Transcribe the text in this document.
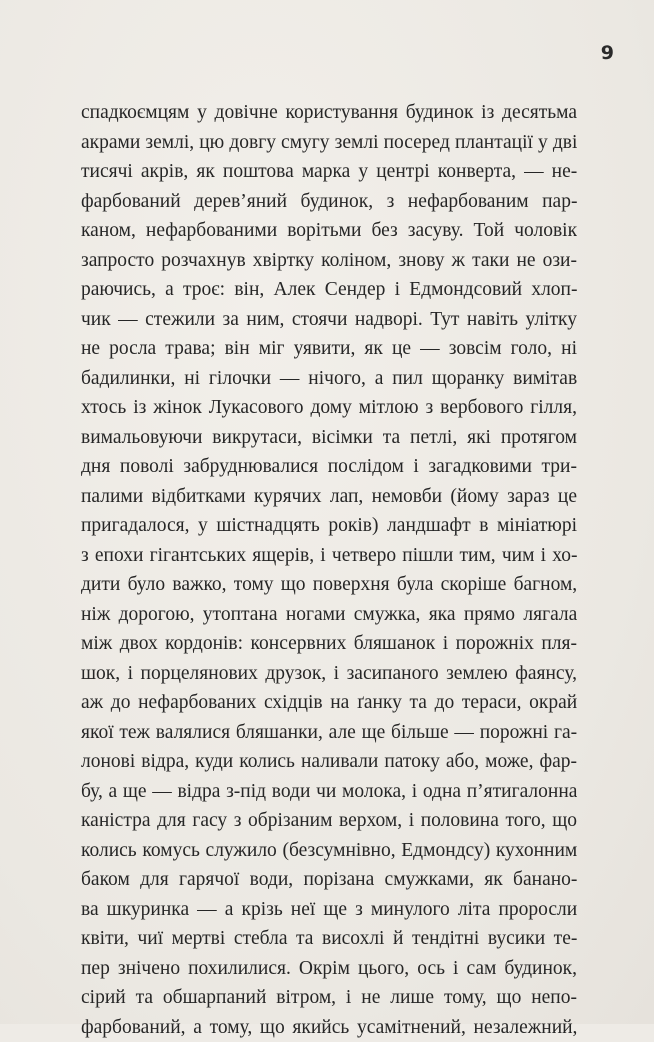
9
спадкоємцям у довічне користування будинок із десятьма
акрами землі, цю довгу смугу землі посеред плантації у дві
тисячі акрів, як поштова марка у центрі конверта, — не-
фарбований дерев’яний будинок, з нефарбованим пар-
каном, нефарбованими ворітьми без засуву. Той чоловік
запросто розчахнув хвіртку коліном, знову ж таки не ози-
раючись, а троє: він, Алек Сендер і Едмондсовий хлоп-
чик — стежили за ним, стоячи надворі. Тут навіть улітку
не росла трава; він міг уявити, як це — зовсім голо, ні
бадилинки, ні гілочки — нічого, а пил щоранку вимітав
хтось із жінок Лукасового дому мітлою з вербового гілля,
вимальовуючи викрутаси, вісімки та петлі, які протягом
дня поволі забруднювалися послідом і загадковими три-
палими відбитками курячих лап, немовби (йому зараз це
пригадалося, у шістнадцять років) ландшафт в мініатюрі
з епохи гігантських ящерів, і четверо пішли тим, чим і хо-
дити було важко, тому що поверхня була скоріше багном,
ніж дорогою, утоптана ногами смужка, яка прямо лягала
між двох кордонів: консервних бляшанок і порожніх пля-
шок, і порцелянових друзок, і засипаного землею фаянсу,
аж до нефарбованих східців на ґанку та до тераси, окрай
якої теж валялися бляшанки, але ще більше — порожні га-
лонові відра, куди колись наливали патоку або, може, фар-
бу, а ще — відра з-під води чи молока, і одна п’ятигалонна
каністра для гасу з обрізаним верхом, і половина того, що
колись комусь служило (безсумнівно, Едмондсу) кухонним
баком для гарячої води, порізана смужками, як банано-
ва шкуринка — а крізь неї ще з минулого літа проросли
квіти, чиї мертві стебла та висохлі й тендітні вусики те-
пер знічено похилилися. Окрім цього, ось і сам будинок,
сірий та обшарпаний вітром, і не лише тому, що непо-
фарбований, а тому, що якийсь усамітнений, незалежний,
